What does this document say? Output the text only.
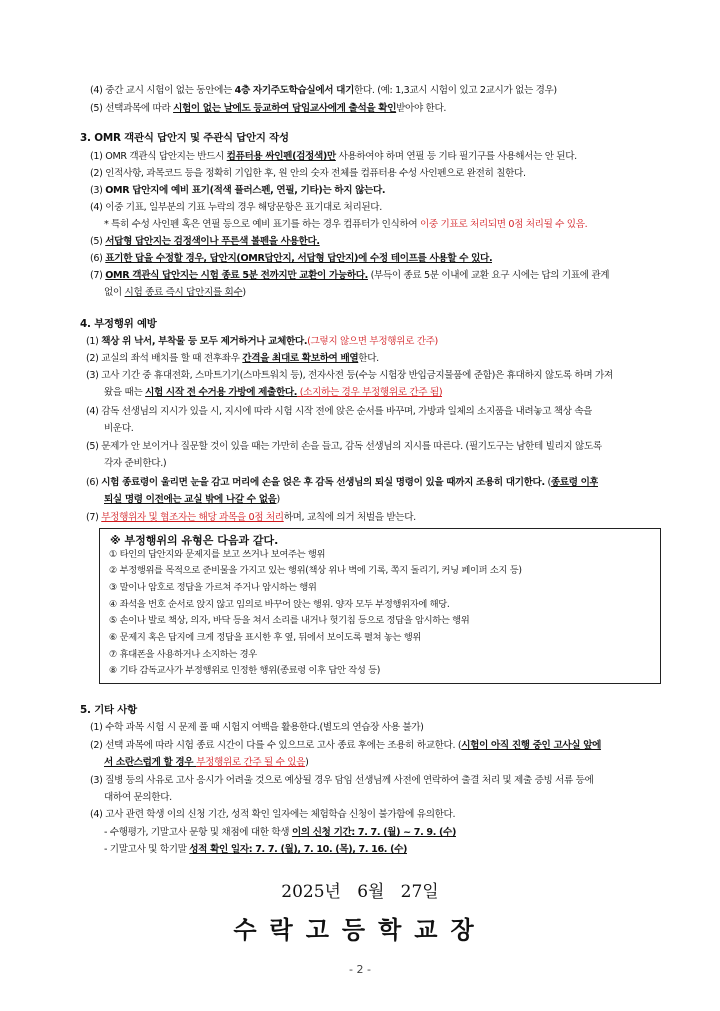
(4) 중간 교시 시험이 없는 동안에는 4층 자기주도학습실에서 대기한다. (예: 1,3교시 시험이 있고 2교시가 없는 경우)
(5) 선택과목에 따라 시험이 없는 날에도 등교하여 담임교사에게 출석을 확인받아야 한다.
3. OMR 객관식 답안지 및 주관식 답안지 작성
(1) OMR 객관식 답안지는 반드시 컴퓨터용 싸인펜(검정색)만 사용하여야 하며 연필 등 기타 필기구를 사용해서는 안 된다.
(2) 인적사항, 과목코드 등을 정확히 기입한 후, 원 안의 숫자 전체를 컴퓨터용 수성 사인펜으로 완전히 칠한다.
(3) OMR 답안지에 예비 표기(적색 플러스펜, 연필, 기타)는 하지 않는다.
(4) 이중 기표, 일부분의 기표 누락의 경우 해당문항은 표기대로 처리된다.
* 특히 수성 사인펜 혹은 연필 등으로 예비 표기를 하는 경우 컴퓨터가 인식하여 이중 기표로 처리되면 0점 처리될 수 있음.
(5) 서답형 답안지는 검정색이나 푸른색 볼펜을 사용한다.
(6) 표기한 답을 수정할 경우, 답안지(OMR답안지, 서답형 답안지)에 수정 테이프를 사용할 수 있다.
(7) OMR 객관식 답안지는 시험 종료 5분 전까지만 교환이 가능하다. (부득이 종료 5분 이내에 교환 요구 시에는 답의 기표에 관계
없이 시험 종료 즉시 답안지를 회수)
4. 부정행위 예방
(1) 책상 위 낙서, 부착물 등 모두 제거하거나 교체한다.(그렇지 않으면 부정행위로 간주)
(2) 교실의 좌석 배치를 할 때 전후좌우 간격을 최대로 확보하여 배열한다.
(3) 고사 기간 중 휴대전화, 스마트기기(스마트워치 등), 전자사전 등(수능 시험장 반입금지물품에 준함)은 휴대하지 않도록 하며 가져
왔을 때는 시험 시작 전 수거용 가방에 제출한다. (소지하는 경우 부정행위로 간주 됨)
(4) 감독 선생님의 지시가 있을 시, 지시에 따라 시험 시작 전에 앉은 순서를 바꾸며, 가방과 일체의 소지품을 내려놓고 책상 속을
비운다.
(5) 문제가 안 보이거나 질문할 것이 있을 때는 가만히 손을 들고, 감독 선생님의 지시를 따른다. (필기도구는 남한테 빌리지 않도록
각자 준비한다.)
(6) 시험 종료령이 울리면 눈을 감고 머리에 손을 얹은 후 감독 선생님의 퇴실 명령이 있을 때까지 조용히 대기한다. (종료령 이후
퇴실 명령 이전에는 교실 밖에 나갈 수 없음)
(7) 부정행위자 및 협조자는 해당 과목을 0점 처리하며, 교칙에 의거 처벌을 받는다.
※ 부정행위의 유형은 다음과 같다.
① 타인의 답안지와 문제지를 보고 쓰거나 보여주는 행위
② 부정행위를 목적으로 준비물을 가지고 있는 행위(책상 위나 벽에 기록, 쪽지 돌리기, 커닝 페이퍼 소지 등)
③ 말이나 암호로 정답을 가르쳐 주거나 암시하는 행위
④ 좌석을 번호 순서로 앉지 않고 임의로 바꾸어 앉는 행위. 양자 모두 부정행위자에 해당.
⑤ 손이나 발로 책상, 의자, 바닥 등을 쳐서 소리를 내거나 헛기침 등으로 정답을 암시하는 행위
⑥ 문제지 혹은 답지에 크게 정답을 표시한 후 옆, 뒤에서 보이도록 펼쳐 놓는 행위
⑦ 휴대폰을 사용하거나 소지하는 경우
⑧ 기타 감독교사가 부정행위로 인정한 행위(종료령 이후 답안 작성 등)
5. 기타 사항
(1) 수학 과목 시험 시 문제 풀 때 시험지 여백을 활용한다.(별도의 연습장 사용 불가)
(2) 선택 과목에 따라 시험 종료 시간이 다를 수 있으므로 고사 종료 후에는 조용히 하교한다. (시험이 아직 진행 중인 고사실 앞에
서 소란스럽게 할 경우 부정행위로 간주 될 수 있음)
(3) 질병 등의 사유로 고사 응시가 어려울 것으로 예상될 경우 담임 선생님께 사전에 연락하여 출결 처리 및 제출 증빙 서류 등에
대하여 문의한다.
(4) 고사 관련 학생 이의 신청 기간, 성적 확인 일자에는 체험학습 신청이 불가함에 유의한다.
- 수행평가, 기말고사 문항 및 채점에 대한 학생 이의 신청 기간: 7. 7. (월) ~ 7. 9. (수)
- 기말고사 및 학기말 성적 확인 일자: 7. 7. (월), 7. 10. (목), 7. 16. (수)
2025년   6월   27일
수락고등학교장
- 2 -
